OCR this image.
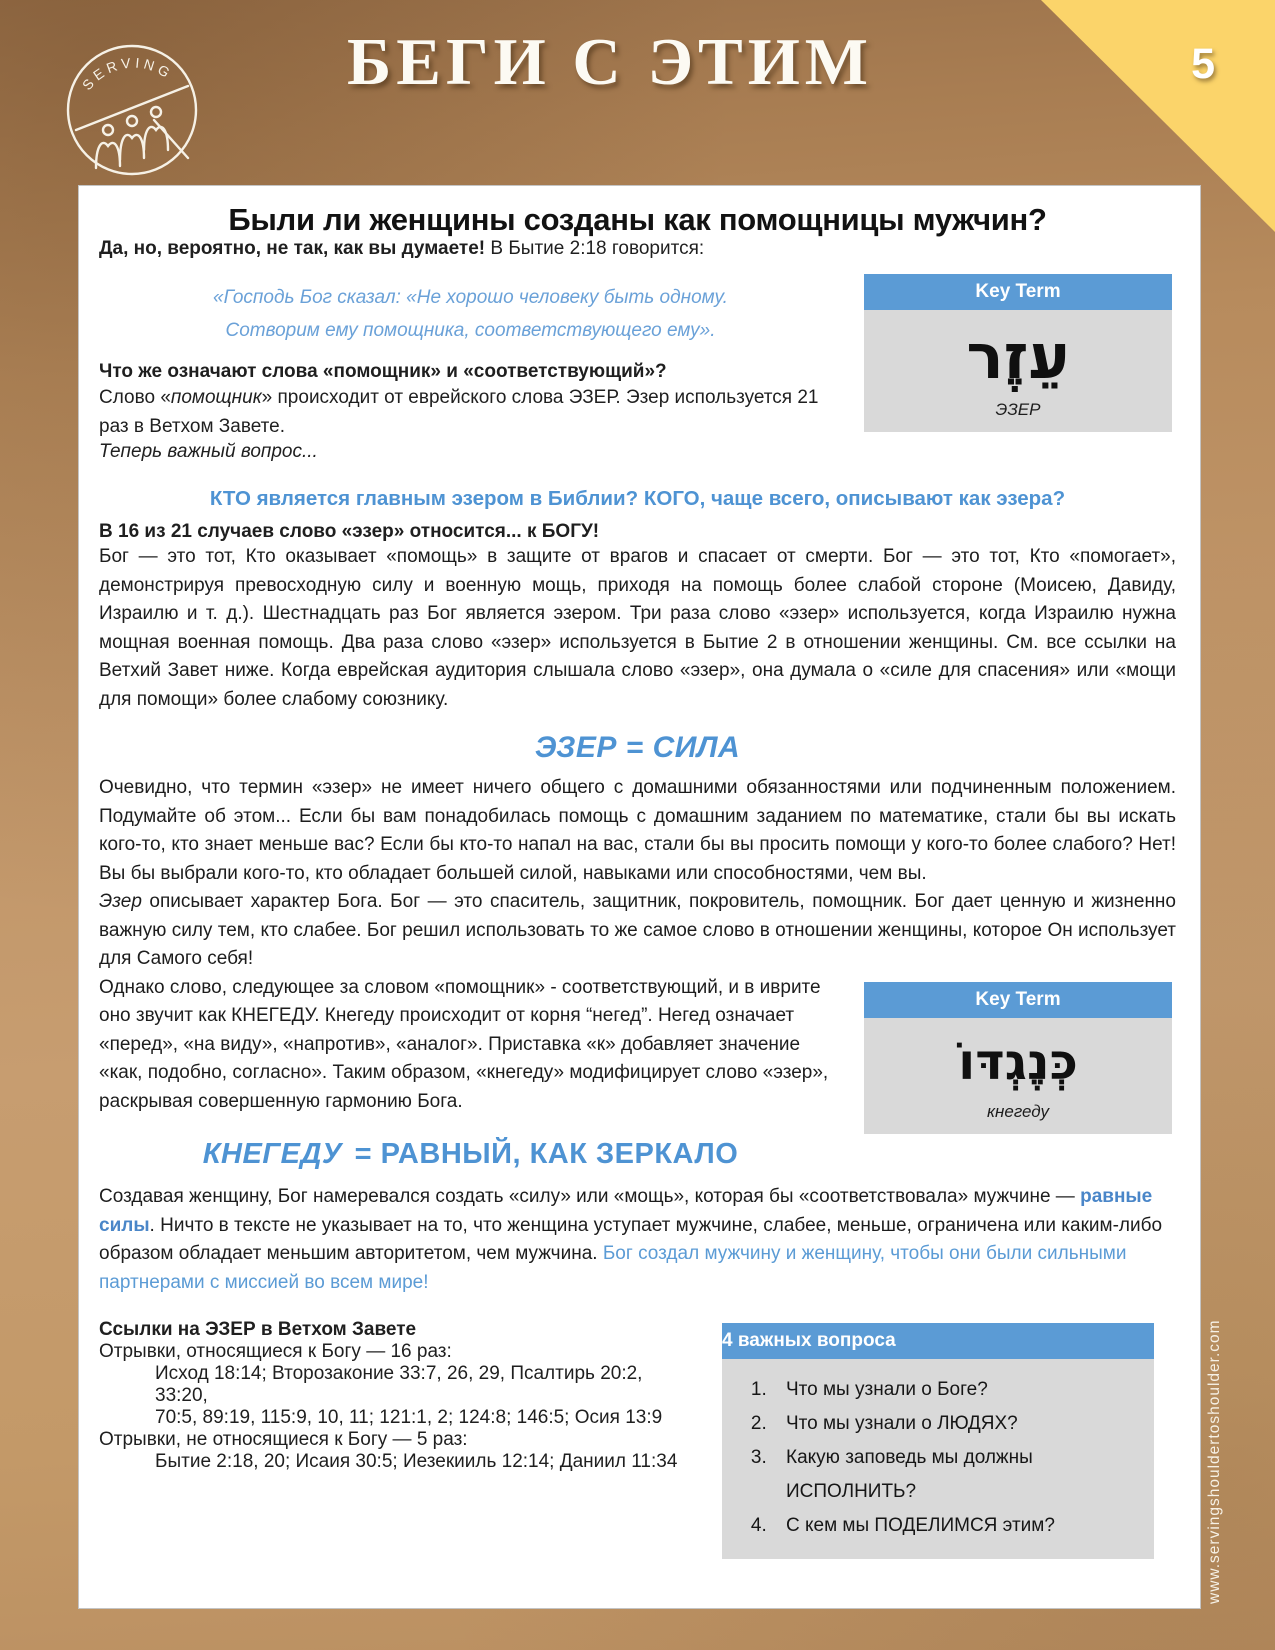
5
БЕГИ С ЭТИМ
SERVING
www.servingshouldertoshoulder.com
Были ли женщины созданы как помощницы мужчин?
Key Term
עֵזֶר
ЭЗЕР

Да, но, вероятно, не так, как вы думаете! В Бытие 2:18 говорится:

«Господь Бог сказал: «Не хорошо человеку быть одному.
Сотворим ему помощника, соответствующего ему».

Что же означают слова «помощник» и «соответствующий»?

Слово «помощник» происходит от еврейского слова ЭЗЕР. Эзер используется 21 раз в Ветхом Завете.

Теперь важный вопрос...

КТО является главным эзером в Библии? КОГО, чаще всего, описывают как эзера?

В 16 из 21 случаев слово «эзер» относится... к БОГУ!

Бог — это тот, Кто оказывает «помощь» в защите от врагов и спасает от смерти. Бог — это тот, Кто «помогает», демонстрируя превосходную силу и военную мощь, приходя на помощь более слабой стороне (Моисею, Давиду, Израилю и т. д.). Шестнадцать раз Бог является эзером. Три раза слово «эзер» используется, когда Израилю нужна мощная военная помощь. Два раза слово «эзер» используется в Бытие 2 в отношении женщины. См. все ссылки на Ветхий Завет ниже. Когда еврейская аудитория слышала слово «эзер», она думала о «силе для спасения» или «мощи для помощи» более слабому союзнику.

ЭЗЕР = СИЛА

Очевидно, что термин «эзер» не имеет ничего общего с домашними обязанностями или подчиненным положением. Подумайте об этом... Если бы вам понадобилась помощь с домашним заданием по математике, стали бы вы искать кого-то, кто знает меньше вас? Если бы кто-то напал на вас, стали бы вы просить помощи у кого-то более слабого? Нет! Вы бы выбрали кого-то, кто обладает большей силой, навыками или способностями, чем вы.

Эзер описывает характер Бога. Бог — это спаситель, защитник, покровитель, помощник. Бог дает ценную и жизненно важную силу тем, кто слабее. Бог решил использовать то же самое слово в отношении женщины, которое Он использует для Самого себя!

Key Term
כְּנֶגְדּוֹ
кнегеду

Однако слово, следующее за словом «помощник» - соответствующий, и в иврите оно звучит как КНЕГЕДУ. Кнегеду происходит от корня “негед”. Негед означает «перед», «на виду», «напротив», «аналог». Приставка «к» добавляет значение «как, подобно, согласно». Таким образом, «кнегеду» модифицирует слово «эзер», раскрывая совершенную гармонию Бога.

КНЕГЕДУ = РАВНЫЙ, КАК ЗЕРКАЛО

Создавая женщину, Бог намеревался создать «силу» или «мощь», которая бы «соответствовала» мужчине — равные силы. Ничто в тексте не указывает на то, что женщина уступает мужчине, слабее, меньше, ограничена или каким-либо образом обладает меньшим авторитетом, чем мужчина. Бог создал мужчину и женщину, чтобы они были сильными партнерами с миссией во всем мире!

4 важных вопроса
1. Что мы узнали о Боге?
2. Что мы узнали о ЛЮДЯХ?
3. Какую заповедь мы должны ИСПОЛНИТЬ?
4. С кем мы ПОДЕЛИМСЯ этим?

Ссылки на ЭЗЕР в Ветхом Завете

Отрывки, относящиеся к Богу — 16 раз:

Исход 18:14; Второзаконие 33:7, 26, 29, Псалтирь 20:2, 33:20,

70:5, 89:19, 115:9, 10, 11; 121:1, 2; 124:8; 146:5; Осия 13:9

Отрывки, не относящиеся к Богу — 5 раз:

Бытие 2:18, 20; Исаия 30:5; Иезекииль 12:14; Даниил 11:34
